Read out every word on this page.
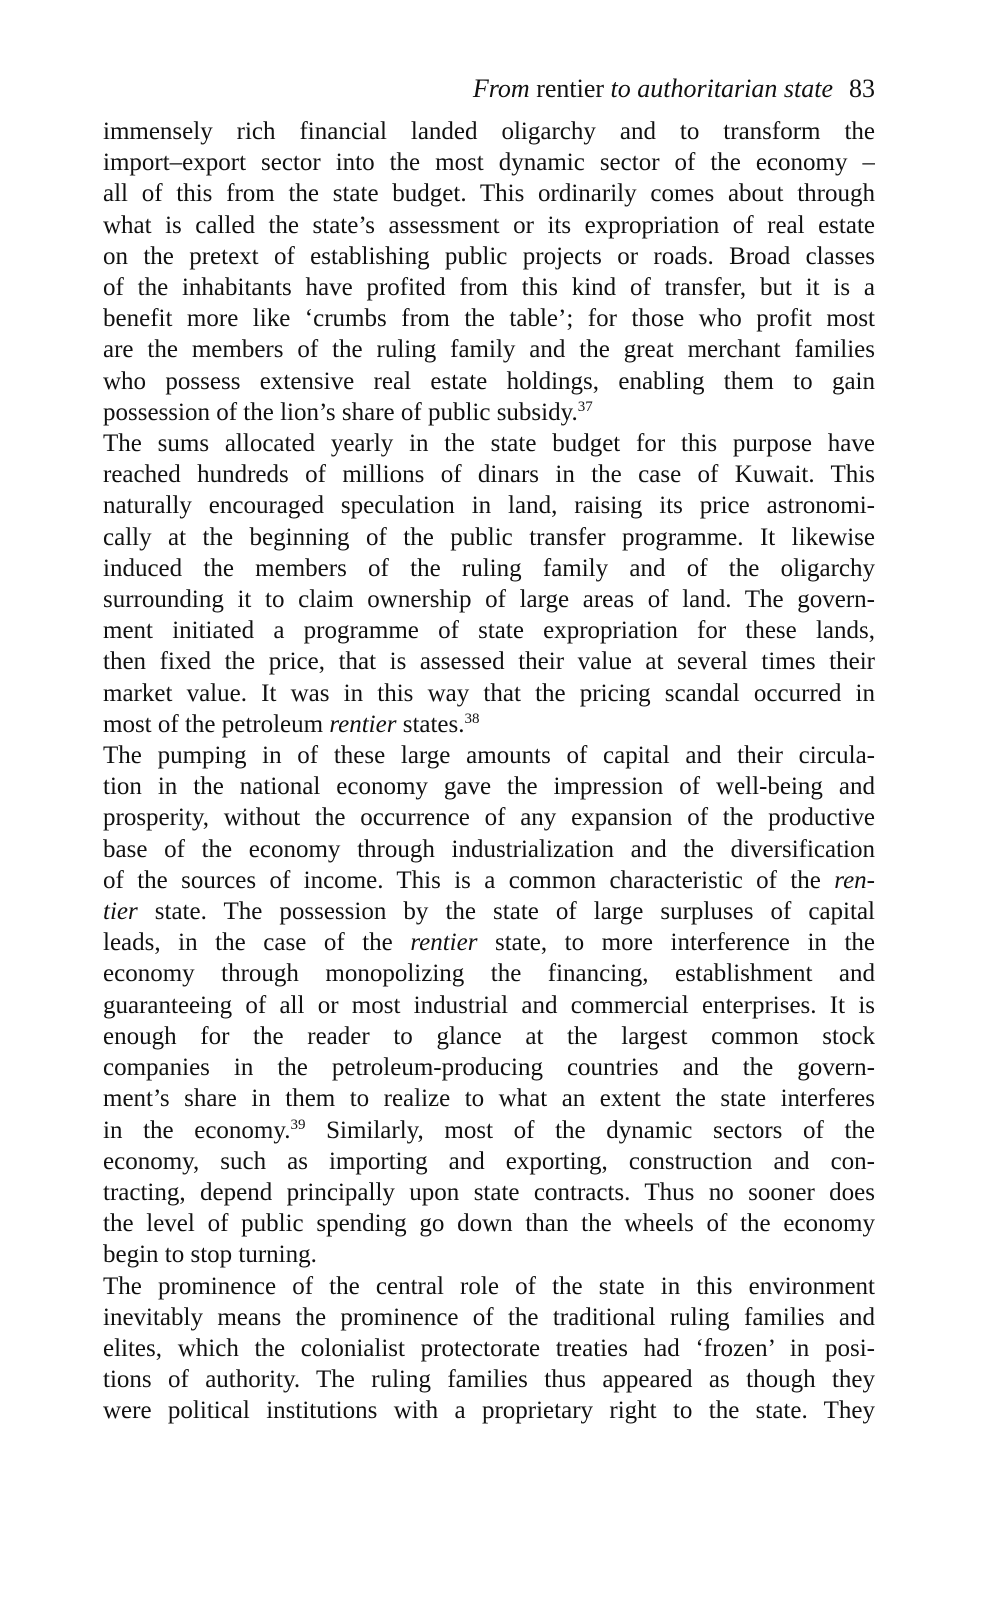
From rentier to authoritarian state 83

immensely rich financial landed oligarchy and to transform the
import–export sector into the most dynamic sector of the economy –
all of this from the state budget. This ordinarily comes about through
what is called the state’s assessment or its expropriation of real estate
on the pretext of establishing public projects or roads. Broad classes
of the inhabitants have profited from this kind of transfer, but it is a
benefit more like ‘crumbs from the table’; for those who profit most
are the members of the ruling family and the great merchant families
who possess extensive real estate holdings, enabling them to gain
possession of the lion’s share of public subsidy.$^{37}$

The sums allocated yearly in the state budget for this purpose have
reached hundreds of millions of dinars in the case of Kuwait. This
naturally encouraged speculation in land, raising its price astronomi-
cally at the beginning of the public transfer programme. It likewise
induced the members of the ruling family and of the oligarchy
surrounding it to claim ownership of large areas of land. The govern-
ment initiated a programme of state expropriation for these lands,
then fixed the price, that is assessed their value at several times their
market value. It was in this way that the pricing scandal occurred in
most of the petroleum rentier states.$^{38}$

The pumping in of these large amounts of capital and their circula-
tion in the national economy gave the impression of well-being and
prosperity, without the occurrence of any expansion of the productive
base of the economy through industrialization and the diversification
of the sources of income. This is a common characteristic of the ren-
tier state. The possession by the state of large surpluses of capital
leads, in the case of the rentier state, to more interference in the
economy through monopolizing the financing, establishment and
guaranteeing of all or most industrial and commercial enterprises. It is
enough for the reader to glance at the largest common stock
companies in the petroleum-producing countries and the govern-
ment’s share in them to realize to what an extent the state interferes
in the economy.$^{39}$ Similarly, most of the dynamic sectors of the
economy, such as importing and exporting, construction and con-
tracting, depend principally upon state contracts. Thus no sooner does
the level of public spending go down than the wheels of the economy
begin to stop turning.

The prominence of the central role of the state in this environment
inevitably means the prominence of the traditional ruling families and
elites, which the colonialist protectorate treaties had ‘frozen’ in posi-
tions of authority. The ruling families thus appeared as though they
were political institutions with a proprietary right to the state. They
